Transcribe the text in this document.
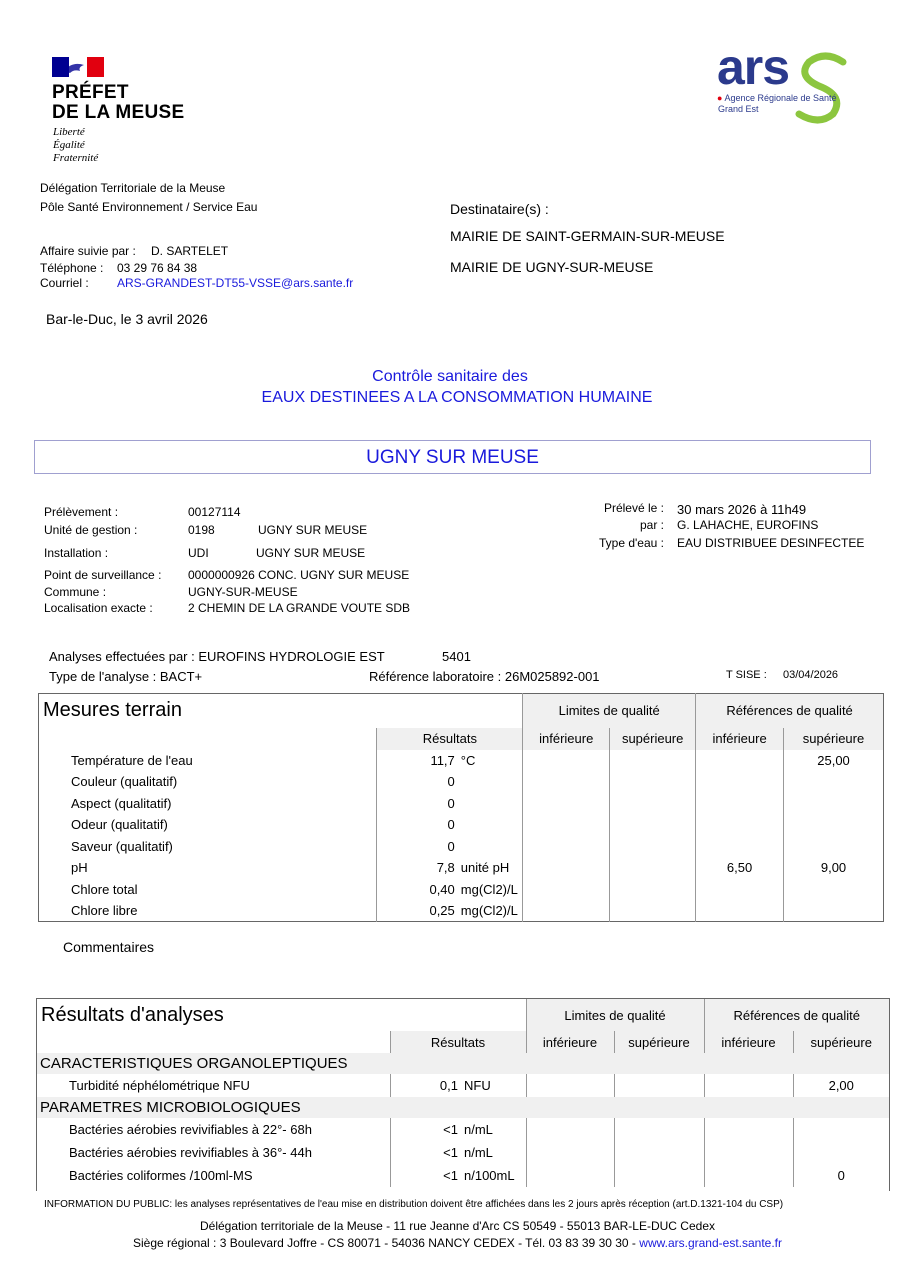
PRÉFET
DE LA MEUSE
Liberté
Égalité
Fraternité
ars
● Agence Régionale de Santé
Grand Est
Délégation Territoriale de la Meuse
Pôle Santé Environnement / Service Eau
Affaire suivie par : D. SARTELET
Téléphone : 03 29 76 84 38
Courriel : ARS-GRANDEST-DT55-VSSE@ars.sante.fr
Destinataire(s) :
MAIRIE DE SAINT-GERMAIN-SUR-MEUSE
MAIRIE DE UGNY-SUR-MEUSE
Bar-le-Duc, le 3 avril 2026
Contrôle sanitaire des
EAUX DESTINEES A LA CONSOMMATION HUMAINE
UGNY SUR MEUSE
Prélèvement :	00127114
Unité de gestion :	0198	UGNY SUR MEUSE
Installation :	UDI	UGNY SUR MEUSE
Point de surveillance : 0000000926 CONC. UGNY SUR MEUSE
Commune :	UGNY-SUR-MEUSE
Localisation exacte :	2 CHEMIN DE LA GRANDE VOUTE SDB
Prélevé le : 30 mars 2026 à 11h49
par : G. LAHACHE, EUROFINS
Type d'eau : EAU DISTRIBUEE DESINFECTEE
Analyses effectuées par : EUROFINS HYDROLOGIE EST	5401
Type de l'analyse : BACT+	Référence laboratoire : 26M025892-001	T SISE : 03/04/2026
Mesures terrain			Limites de qualité		Références de qualité	
	Résultats		inférieure	supérieure	inférieure	supérieure
Température de l'eau	11,7	°C				25,00
Couleur (qualitatif)	0					
Aspect (qualitatif)	0					
Odeur (qualitatif)	0					
Saveur (qualitatif)	0					
pH	7,8	unité pH			6,50	9,00
Chlore total	0,40	mg(Cl2)/L				
Chlore libre	0,25	mg(Cl2)/L				
Commentaires
Résultats d'analyses			Limites de qualité		Références de qualité	
	Résultats		inférieure	supérieure	inférieure	supérieure
CARACTERISTIQUES ORGANOLEPTIQUES						
Turbidité néphélométrique NFU	0,1	NFU				2,00
PARAMETRES MICROBIOLOGIQUES						
Bactéries aérobies revivifiables à 22°- 68h	<1	n/mL				
Bactéries aérobies revivifiables à 36°- 44h	<1	n/mL				
Bactéries coliformes /100ml-MS	<1	n/100mL				0
INFORMATION DU PUBLIC: les analyses représentatives de l'eau mise en distribution doivent être affichées dans les 2 jours après réception (art.D.1321-104 du CSP)
Délégation territoriale de la Meuse - 11 rue Jeanne d'Arc CS 50549 - 55013 BAR-LE-DUC Cedex
Siège régional : 3 Boulevard Joffre - CS 80071 - 54036 NANCY CEDEX - Tél. 03 83 39 30 30 - www.ars.grand-est.sante.fr
